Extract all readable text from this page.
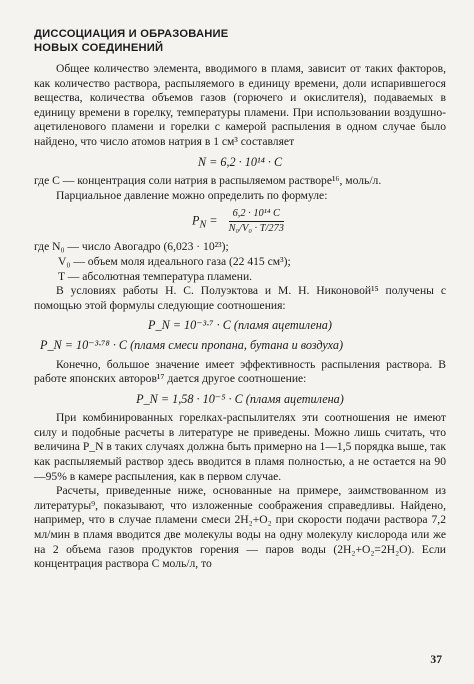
ДИССОЦИАЦИЯ И ОБРАЗОВАНИЕ
НОВЫХ СОЕДИНЕНИЙ

Общее количество элемента, вводимого в пламя, зависит от таких факторов, как количество раствора, распыляемого в единицу времени, доли испарившегося вещества, количества объемов газов (горючего и окислителя), подаваемых в единицу времени в горелку, температуры пламени. При использовании воздушно-ацетиленового пламени и горелки с камерой распыления в одном случае было найдено, что число атомов натрия в 1 см³ составляет

N = 6,2 · 10¹⁴ · C

где C — концентрация соли натрия в распыляемом растворе¹⁶, моль/л.

Парциальное давление можно определить по формуле:

$P_N = \frac{\text{6,2 · 10¹⁴ C}}{\text{N₀/V₀ · T/273}}$
где N₀ — число Авогадро (6,023 · 10²³);
V₀ — объем моля идеального газа (22 415 см³);
T — абсолютная температура пламени.

В условиях работы Н. С. Полуэктова и М. Н. Никоновой¹⁵ получены с помощью этой формулы следующие соотношения:

P_N = 10⁻³·⁷ · C (пламя ацетилена)
P_N = 10⁻³·⁷⁸ · C (пламя смеси пропана, бутана и воздуха)

Конечно, большое значение имеет эффективность распыления раствора. В работе японских авторов¹⁷ дается другое соотношение:

P_N = 1,58 · 10⁻⁵ · C (пламя ацетилена)

При комбинированных горелках-распылителях эти соотношения не имеют силу и подобные расчеты в литературе не приведены. Можно лишь считать, что величина P_N в таких случаях должна быть примерно на 1—1,5 порядка выше, так как распыляемый раствор здесь вводится в пламя полностью, а не остается на 90—95% в камере распыления, как в первом случае.

Расчеты, приведенные ниже, основанные на примере, заимствованном из литературы⁹, показывают, что изложенные соображения справедливы. Найдено, например, что в случае пламени смеси 2H₂+O₂ при скорости подачи раствора 7,2 мл/мин в пламя вводится две молекулы воды на одну молекулу кислорода или же на 2 объема газов продуктов горения — паров воды (2H₂+O₂=2H₂O). Если концентрация раствора C моль/л, то

37
